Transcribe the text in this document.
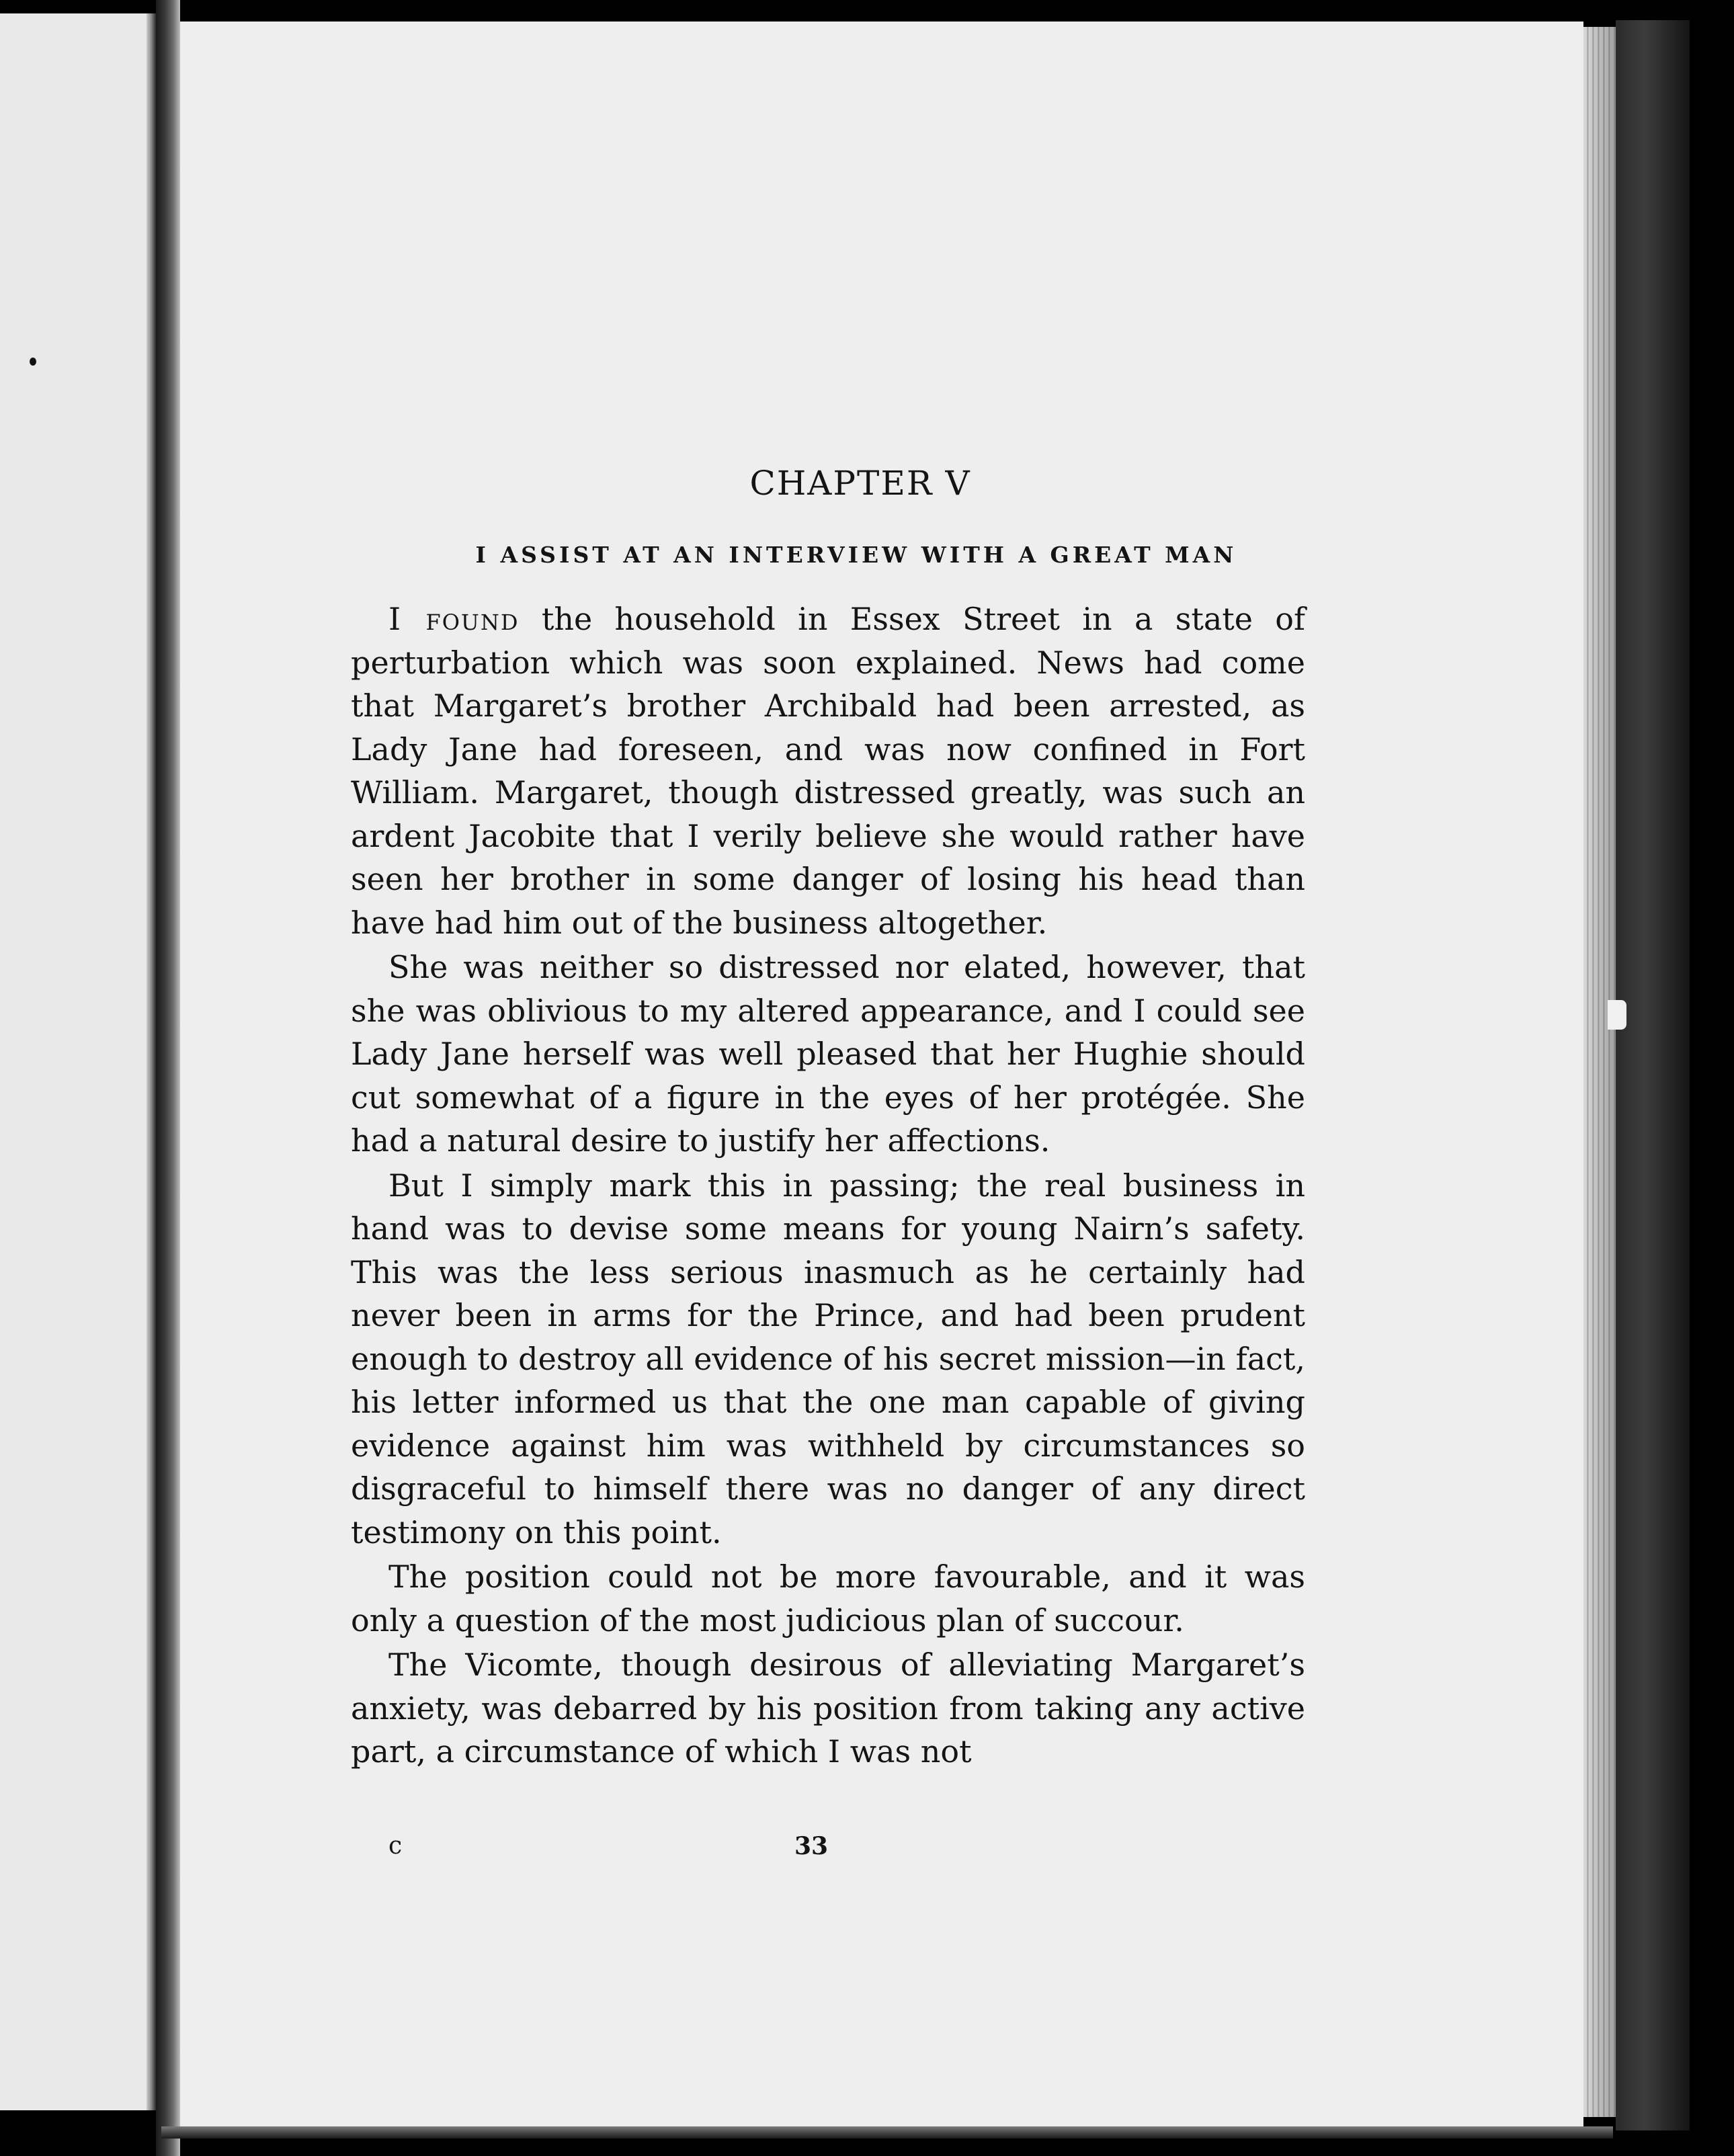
CHAPTER V
I ASSIST AT AN INTERVIEW WITH A GREAT MAN

I found the household in Essex Street in a state of perturbation which was soon explained. News had come that Margaret’s brother Archibald had been arrested, as Lady Jane had foreseen, and was now confined in Fort William. Margaret, though distressed greatly, was such an ardent Jacobite that I verily believe she would rather have seen her brother in some danger of losing his head than have had him out of the business altogether.

She was neither so distressed nor elated, however, that she was oblivious to my altered appearance, and I could see Lady Jane herself was well pleased that her Hughie should cut somewhat of a figure in the eyes of her protégée. She had a natural desire to justify her affections.

But I simply mark this in passing; the real business in hand was to devise some means for young Nairn’s safety. This was the less serious inasmuch as he certainly had never been in arms for the Prince, and had been prudent enough to destroy all evidence of his secret mission—in fact, his letter informed us that the one man capable of giving evidence against him was withheld by circumstances so disgraceful to himself there was no danger of any direct testimony on this point.

The position could not be more favourable, and it was only a question of the most judicious plan of succour.

The Vicomte, though desirous of alleviating Margaret’s anxiety, was debarred by his position from taking any active part, a circumstance of which I was not

c	33
